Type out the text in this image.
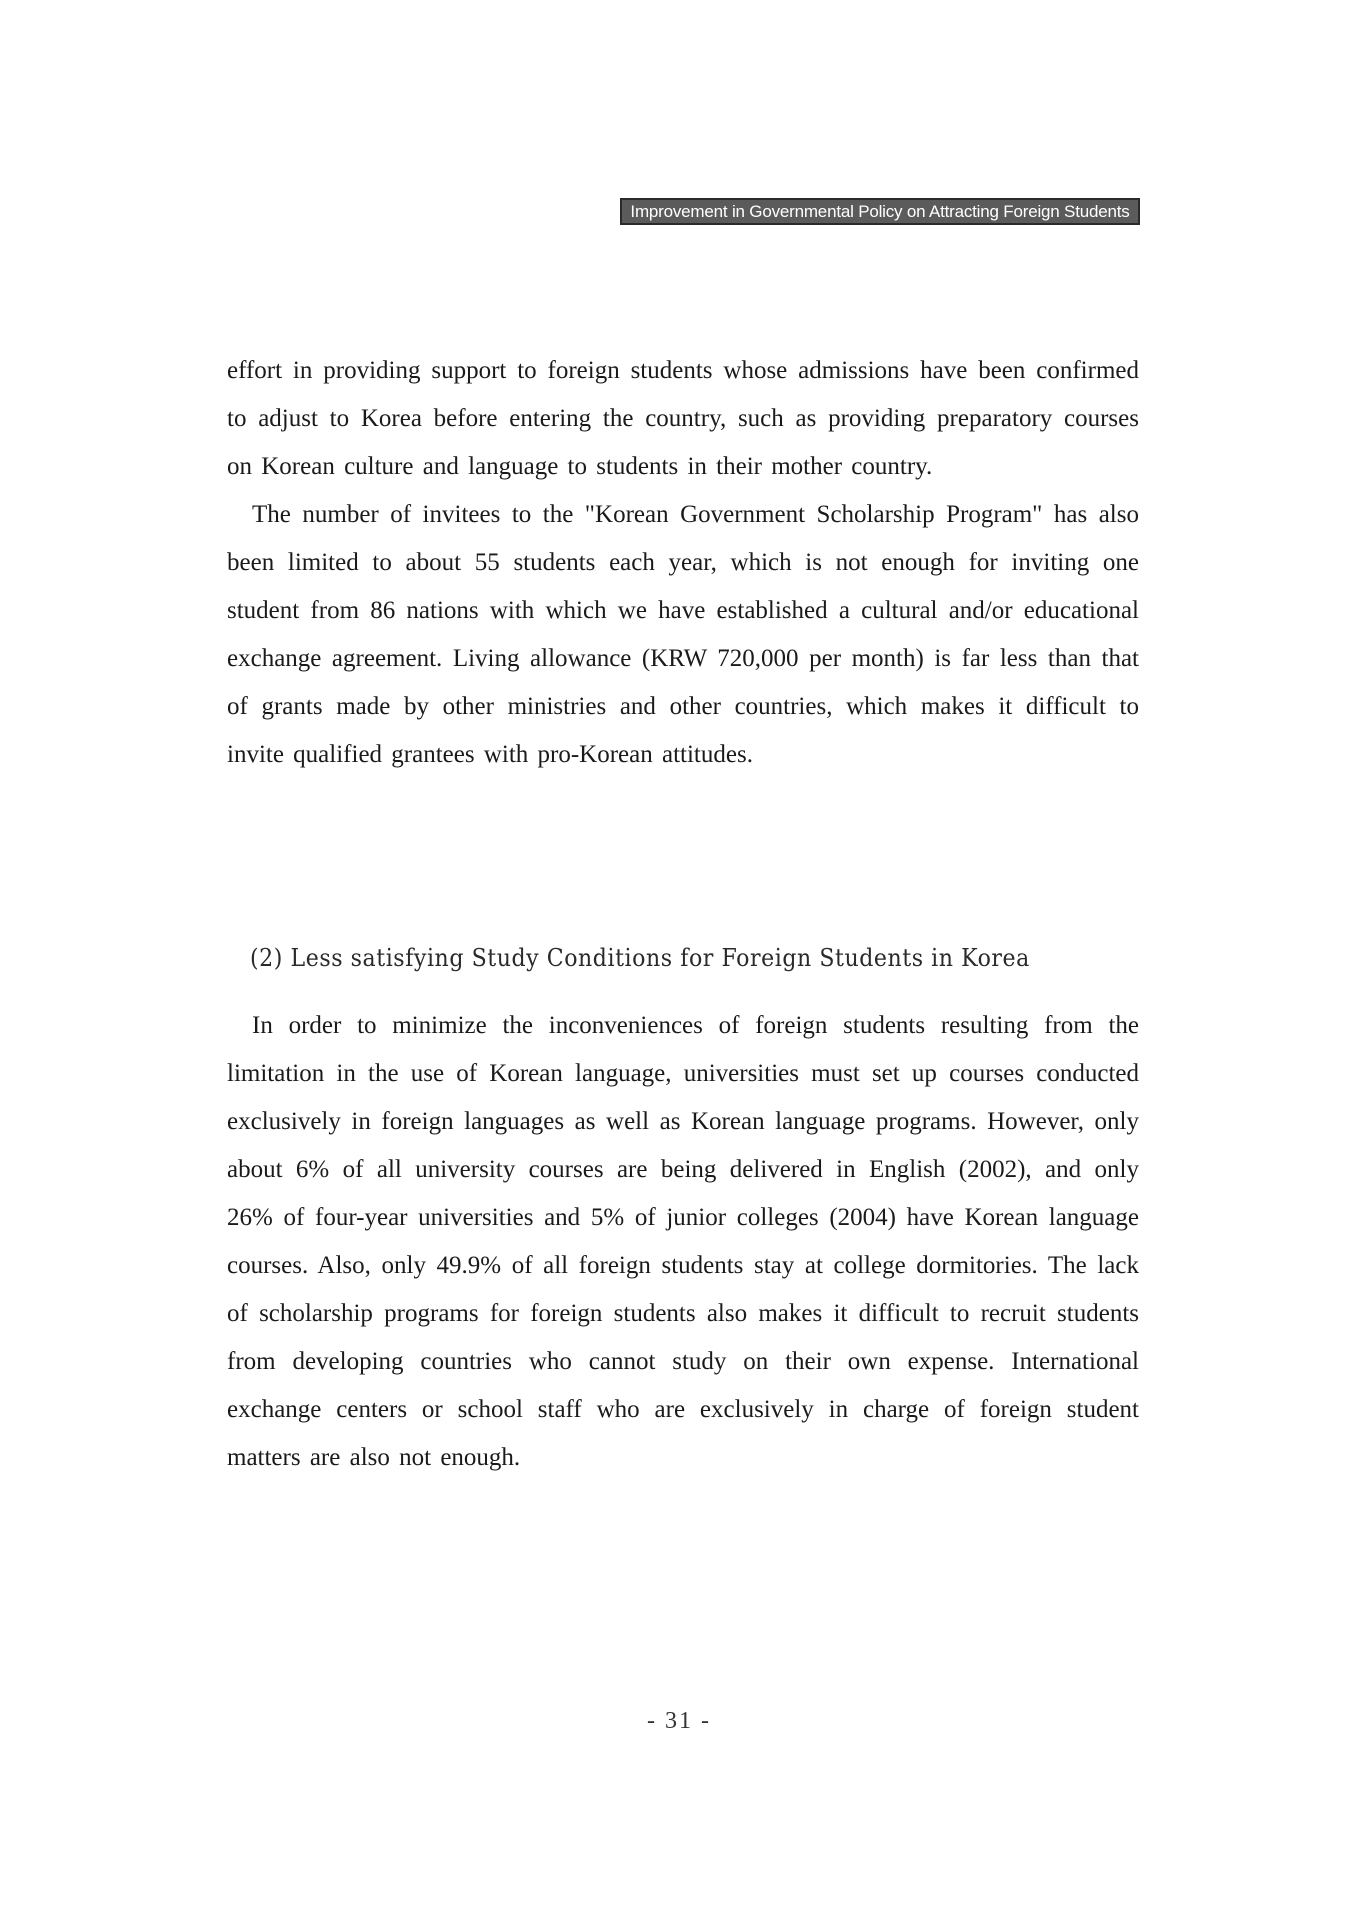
Improvement in Governmental Policy on Attracting Foreign Students

effort in providing support to foreign students whose admissions have been confirmed to adjust to Korea before entering the country, such as providing preparatory courses on Korean culture and language to students in their mother country.

The number of invitees to the "Korean Government Scholarship Program" has also been limited to about 55 students each year, which is not enough for inviting one student from 86 nations with which we have established a cultural and/or educational exchange agreement. Living allowance (KRW 720,000 per month) is far less than that of grants made by other ministries and other countries, which makes it difficult to invite qualified grantees with pro-Korean attitudes.

(2) Less satisfying Study Conditions for Foreign Students in Korea

In order to minimize the inconveniences of foreign students resulting from the limitation in the use of Korean language, universities must set up courses conducted exclusively in foreign languages as well as Korean language programs. However, only about 6% of all university courses are being delivered in English (2002), and only 26% of four-year universities and 5% of junior colleges (2004) have Korean language courses. Also, only 49.9% of all foreign students stay at college dormitories. The lack of scholarship programs for foreign students also makes it difficult to recruit students from developing countries who cannot study on their own expense. International exchange centers or school staff who are exclusively in charge of foreign student matters are also not enough.

- 31 -
